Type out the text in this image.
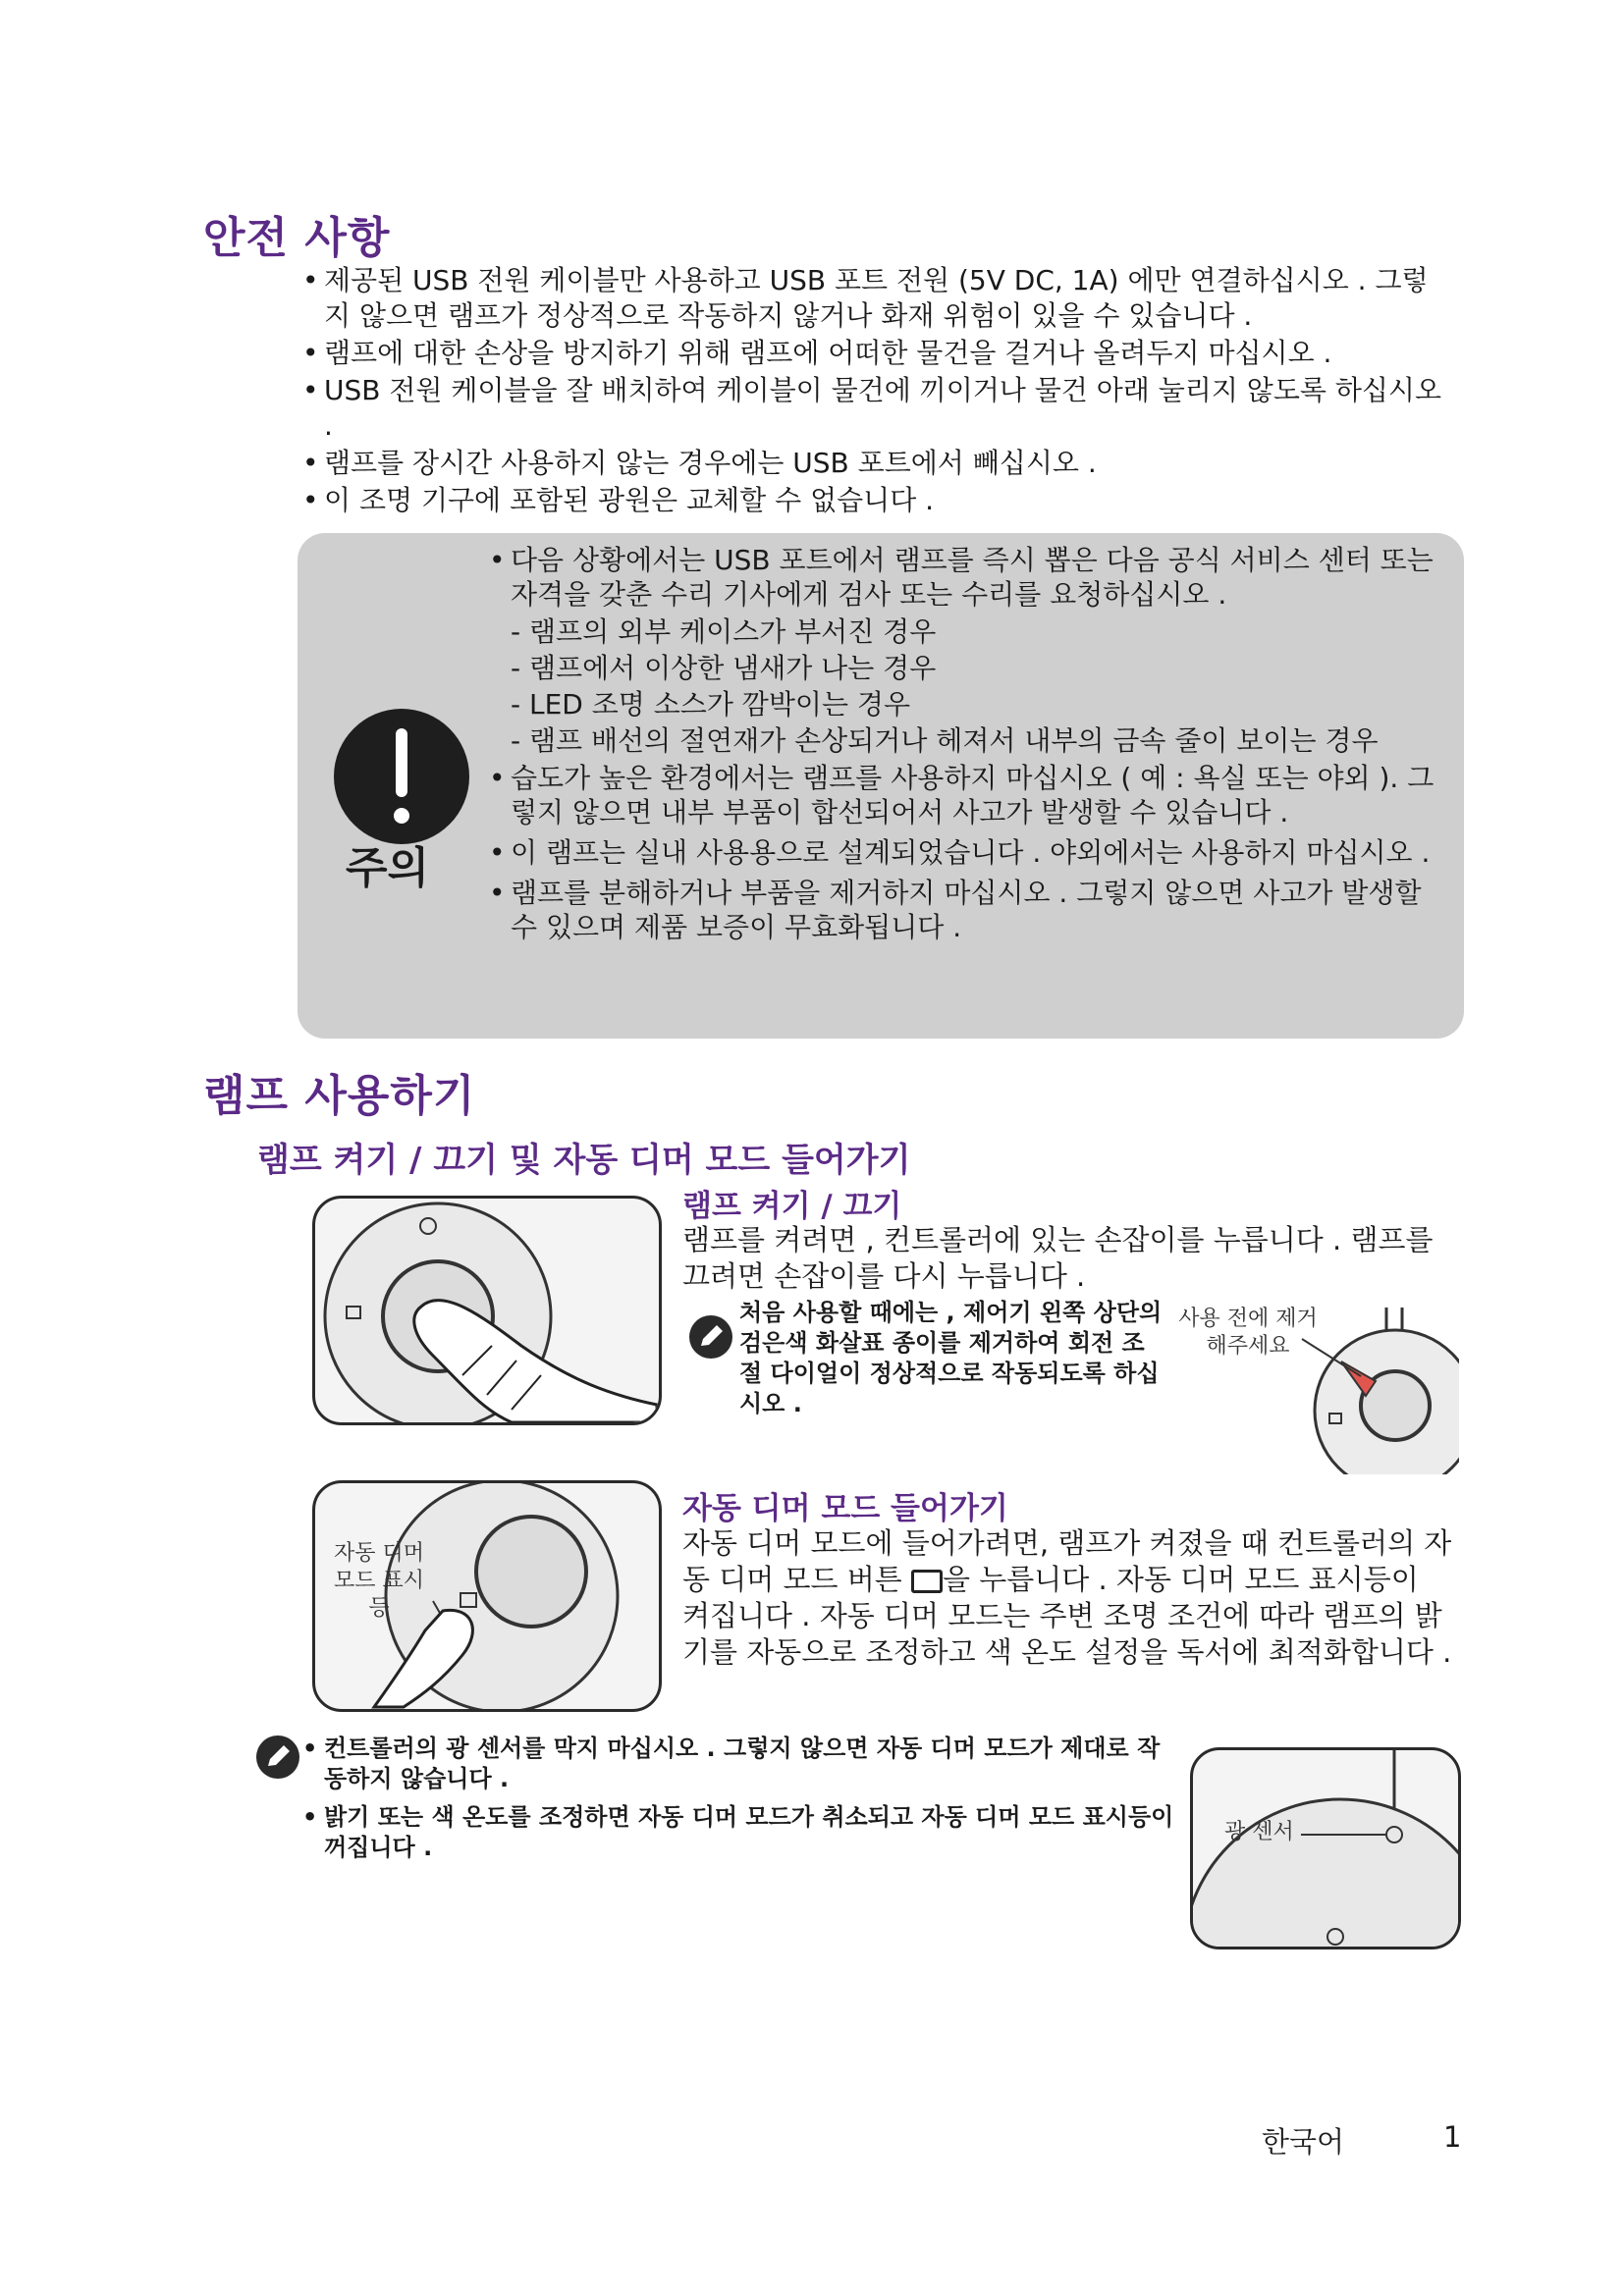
안전 사항
• 제공된 USB 전원 케이블만 사용하고 USB 포트 전원 (5V DC, 1A) 에만 연결하십시오 . 그렇지 않으면 램프가 정상적으로 작동하지 않거나 화재 위험이 있을 수 있습니다 .
• 램프에 대한 손상을 방지하기 위해 램프에 어떠한 물건을 걸거나 올려두지 마십시오 .
• USB 전원 케이블을 잘 배치하여 케이블이 물건에 끼이거나 물건 아래 눌리지 않도록 하십시오 .
• 램프를 장시간 사용하지 않는 경우에는 USB 포트에서 빼십시오 .
• 이 조명 기구에 포함된 광원은 교체할 수 없습니다 .
주의
• 다음 상황에서는 USB 포트에서 램프를 즉시 뽑은 다음 공식 서비스 센터 또는 자격을 갖춘 수리 기사에게 검사 또는 수리를 요청하십시오 .
- 램프의 외부 케이스가 부서진 경우
- 램프에서 이상한 냄새가 나는 경우
- LED 조명 소스가 깜박이는 경우
- 램프 배선의 절연재가 손상되거나 헤져서 내부의 금속 줄이 보이는 경우
• 습도가 높은 환경에서는 램프를 사용하지 마십시오 ( 예 : 욕실 또는 야외 ). 그렇지 않으면 내부 부품이 합선되어서 사고가 발생할 수 있습니다 .
• 이 램프는 실내 사용용으로 설계되었습니다 . 야외에서는 사용하지 마십시오 .
• 램프를 분해하거나 부품을 제거하지 마십시오 . 그렇지 않으면 사고가 발생할 수 있으며 제품 보증이 무효화됩니다 .
램프 사용하기
램프 켜기 / 끄기 및 자동 디머 모드 들어가기
램프 켜기 / 끄기
램프를 켜려면 , 컨트롤러에 있는 손잡이를 누릅니다 . 램프를 끄려면 손잡이를 다시 누릅니다 .
처음 사용할 때에는 , 제어기 왼쪽 상단의 검은색 화살표 종이를 제거하여 회전 조절 다이얼이 정상적으로 작동되도록 하십시오 .
사용 전에 제거해주세요
자동 디머 모드 표시등
자동 디머 모드 들어가기
자동 디머 모드에 들어가려면, 램프가 켜졌을 때 컨트롤러의 자동 디머 모드 버튼 을 누릅니다 . 자동 디머 모드 표시등이 켜집니다 . 자동 디머 모드는 주변 조명 조건에 따라 램프의 밝기를 자동으로 조정하고 색 온도 설정을 독서에 최적화합니다 .
• 컨트롤러의 광 센서를 막지 마십시오 . 그렇지 않으면 자동 디머 모드가 제대로 작동하지 않습니다 .
• 밝기 또는 색 온도를 조정하면 자동 디머 모드가 취소되고 자동 디머 모드 표시등이 꺼집니다 .
광 센서
한국어	1
